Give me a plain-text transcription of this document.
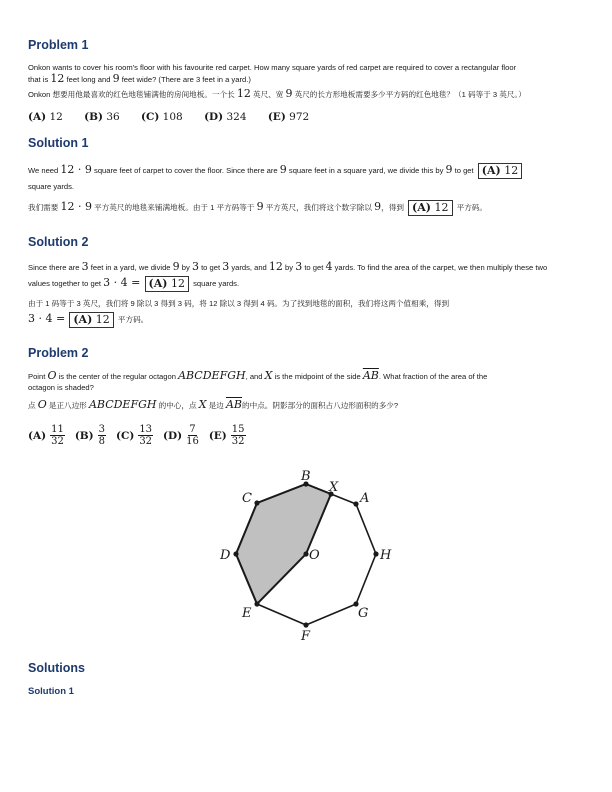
Problem 1

Onkon wants to cover his room's floor with his favourite red carpet. How many square yards of red carpet are required to cover a rectangular floor
that is 12 feet long and 9 feet wide? (There are 3 feet in a yard.)

Onkon 想要用他最喜欢的红色地毯铺满他的房间地板。一个长 12 英尺、宽 9 英尺的长方形地板需要多少平方码的红色地毯？（1 码等于 3 英尺。）

(A) 12 (B) 36 (C) 108 (D) 324 (E) 972
Solution 1

We need 12 · 9 square feet of carpet to cover the floor. Since there are 9 square feet in a square yard, we divide this by 9 to get (A) 12
square yards.

我们需要 12 · 9 平方英尺的地毯来铺满地板。由于 1 平方码等于 9 平方英尺，我们将这个数字除以 9，得到 (A) 12 平方码。

Solution 2

Since there are 3 feet in a yard, we divide 9 by 3 to get 3 yards, and 12 by 3 to get 4 yards. To find the area of the carpet, we then multiply these two
values together to get 3 · 4 = (A) 12 square yards.

由于 1 码等于 3 英尺，我们将 9 除以 3 得到 3 码，将 12 除以 3 得到 4 码。为了找到地毯的面积，我们将这两个值相乘，得到
3 · 4 = (A) 12 平方码。

Problem 2

Point O is the center of the regular octagon ABCDEFGH, and X is the midpoint of the side $\overline{AB}$. What fraction of the area of the
octagon is shaded?

点 O 是正八边形 ABCDEFGH 的中心，点 X 是边 $\overline{AB}$的中点。阴影部分的面积占八边形面积的多少?

$(A) \frac{11}{32} (B) \frac{3}{8} (C) \frac{13}{32} (D) \frac{7}{16} (E) \frac{15}{32}$
Solutions
Solution 1
A
B
C
D
E
F
G
H
O
X
